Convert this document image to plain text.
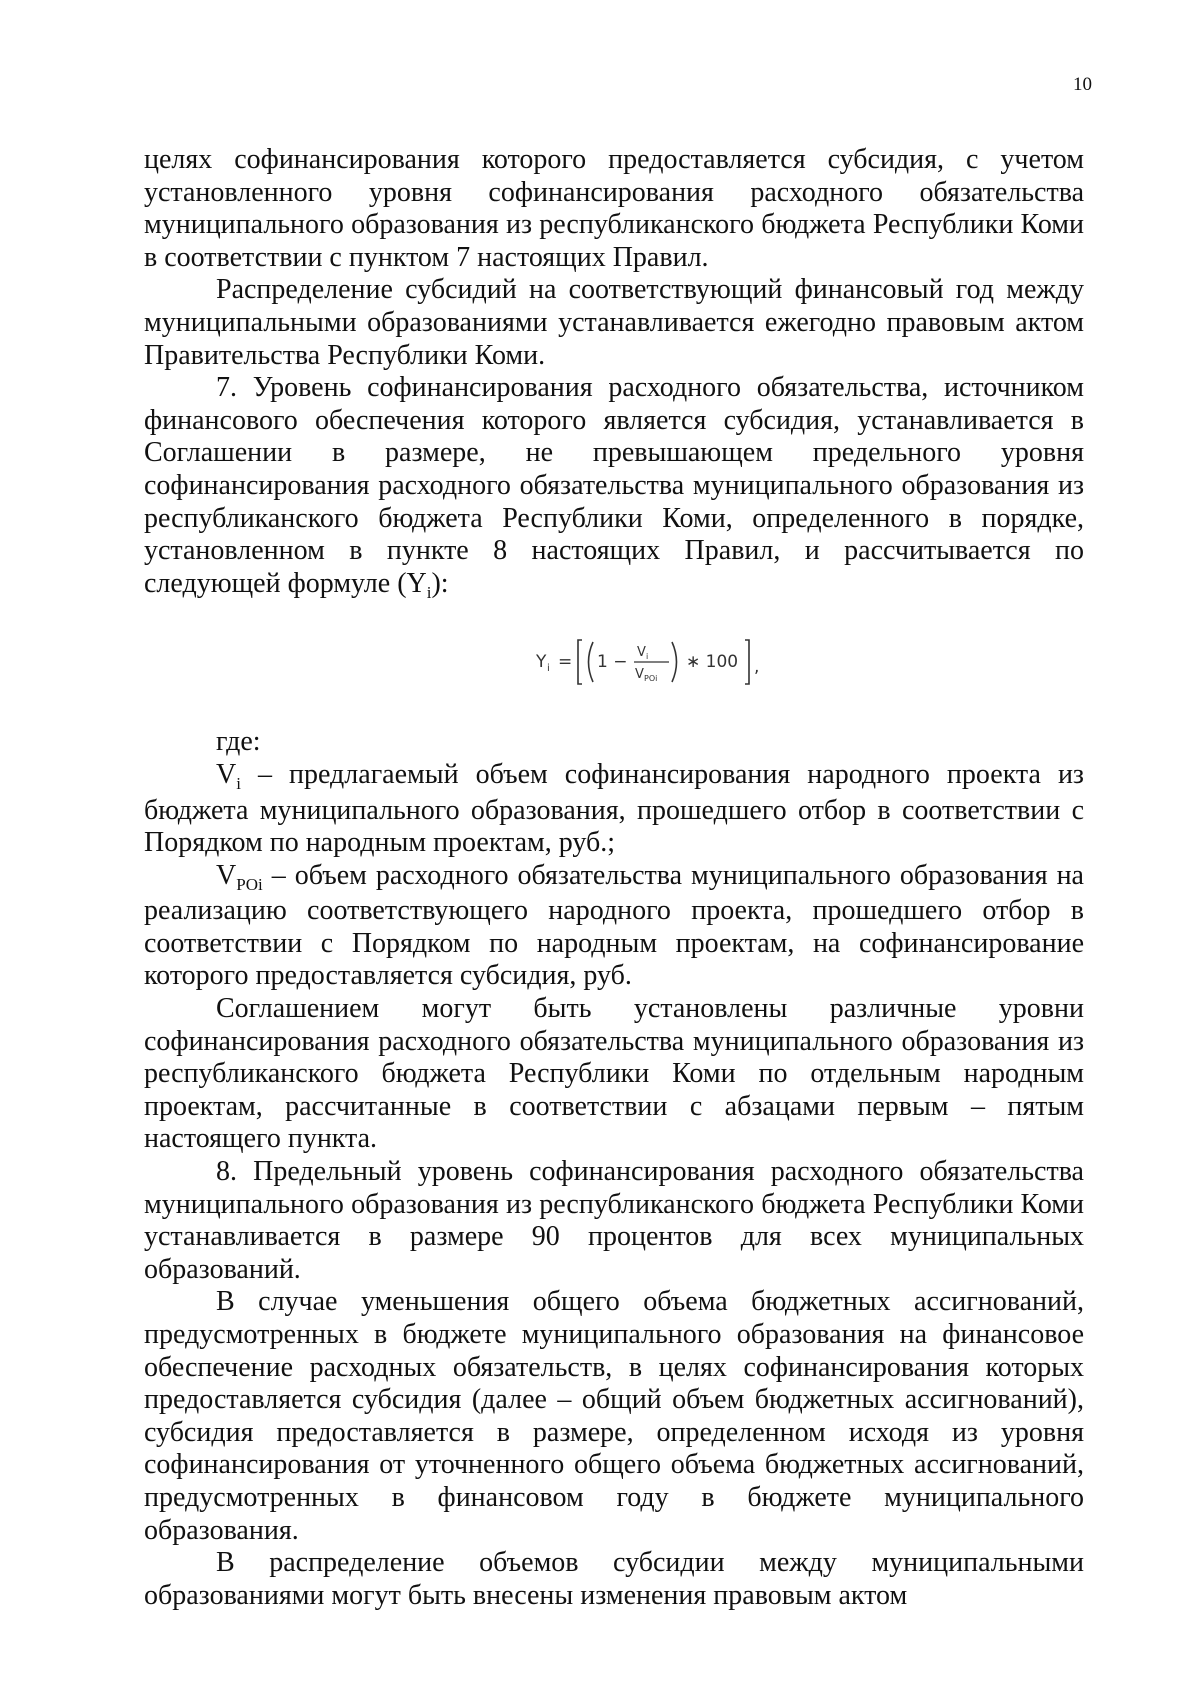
10

целях софинансирования которого предоставляется субсидия, с учетом установленного уровня софинансирования расходного обязательства муниципального образования из республиканского бюджета Республики Коми в соответствии с пунктом 7 настоящих Правил.

Распределение субсидий на соответствующий финансовый год между муниципальными образованиями устанавливается ежегодно правовым актом Правительства Республики Коми.

7. Уровень софинансирования расходного обязательства, источником финансового обеспечения которого является субсидия, устанавливается в Соглашении в размере, не превышающем предельного уровня софинансирования расходного обязательства муниципального образования из республиканского бюджета Республики Коми, определенного в порядке, установленном в пункте 8 настоящих Правил, и рассчитывается по следующей формуле $(Y_i)$:

Y i = 1 − V i
V POi
∗ 100 ,

где:

$V_i$ – предлагаемый объем софинансирования народного проекта из бюджета муниципального образования, прошедшего отбор в соответствии с Порядком по народным проектам, руб.;

$V_{POi}$ – объем расходного обязательства муниципального образования на реализацию соответствующего народного проекта, прошедшего отбор в соответствии с Порядком по народным проектам, на софинансирование которого предоставляется субсидия, руб.

Соглашением могут быть установлены различные уровни софинансирования расходного обязательства муниципального образования из республиканского бюджета Республики Коми по отдельным народным проектам, рассчитанные в соответствии с абзацами первым – пятым настоящего пункта.

8. Предельный уровень софинансирования расходного обязательства муниципального образования из республиканского бюджета Республики Коми устанавливается в размере 90 процентов для всех муниципальных образований.

В случае уменьшения общего объема бюджетных ассигнований, предусмотренных в бюджете муниципального образования на финансовое обеспечение расходных обязательств, в целях софинансирования которых предоставляется субсидия (далее – общий объем бюджетных ассигнований), субсидия предоставляется в размере, определенном исходя из уровня софинансирования от уточненного общего объема бюджетных ассигнований, предусмотренных в финансовом году в бюджете муниципального образования.

В распределение объемов субсидии между муниципальными образованиями могут быть внесены изменения правовым актом
